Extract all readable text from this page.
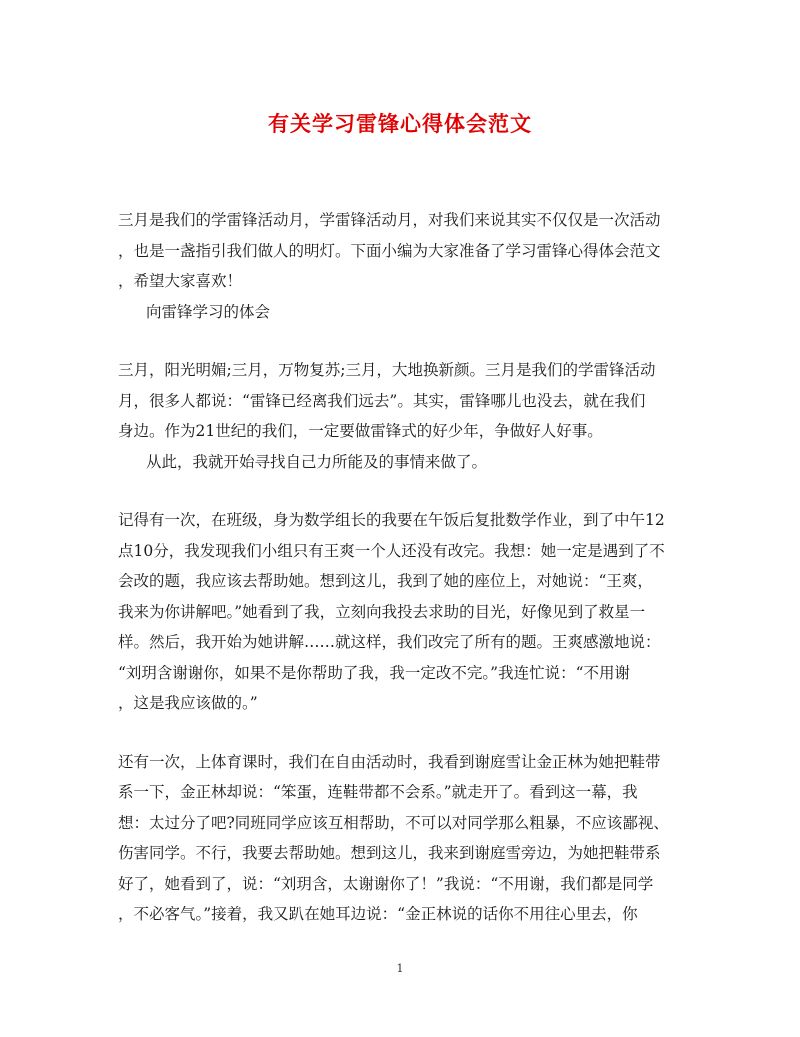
有关学习雷锋心得体会范文
三月是我们的学雷锋活动月，学雷锋活动月，对我们来说其实不仅仅是一次活动
，也是一盏指引我们做人的明灯。下面小编为大家准备了学习雷锋心得体会范文
，希望大家喜欢！
向雷锋学习的体会
三月，阳光明媚;三月，万物复苏;三月，大地换新颜。三月是我们的学雷锋活动
月，很多人都说：“雷锋已经离我们远去”。其实，雷锋哪儿也没去，就在我们
身边。作为21世纪的我们，一定要做雷锋式的好少年，争做好人好事。
从此，我就开始寻找自己力所能及的事情来做了。
记得有一次，在班级，身为数学组长的我要在午饭后复批数学作业，到了中午12
点10分，我发现我们小组只有王爽一个人还没有改完。我想：她一定是遇到了不
会改的题，我应该去帮助她。想到这儿，我到了她的座位上，对她说：“王爽，
我来为你讲解吧。”她看到了我，立刻向我投去求助的目光，好像见到了救星一
样。然后，我开始为她讲解……就这样，我们改完了所有的题。王爽感激地说：
“刘玥含谢谢你，如果不是你帮助了我，我一定改不完。”我连忙说：“不用谢
，这是我应该做的。”
还有一次，上体育课时，我们在自由活动时，我看到谢庭雪让金正林为她把鞋带
系一下，金正林却说：“笨蛋，连鞋带都不会系。”就走开了。看到这一幕，我
想：太过分了吧?同班同学应该互相帮助，不可以对同学那么粗暴，不应该鄙视、
伤害同学。不行，我要去帮助她。想到这儿，我来到谢庭雪旁边，为她把鞋带系
好了，她看到了，说：“刘玥含，太谢谢你了！”我说：“不用谢，我们都是同学
，不必客气。”接着，我又趴在她耳边说：“金正林说的话你不用往心里去，你
1
